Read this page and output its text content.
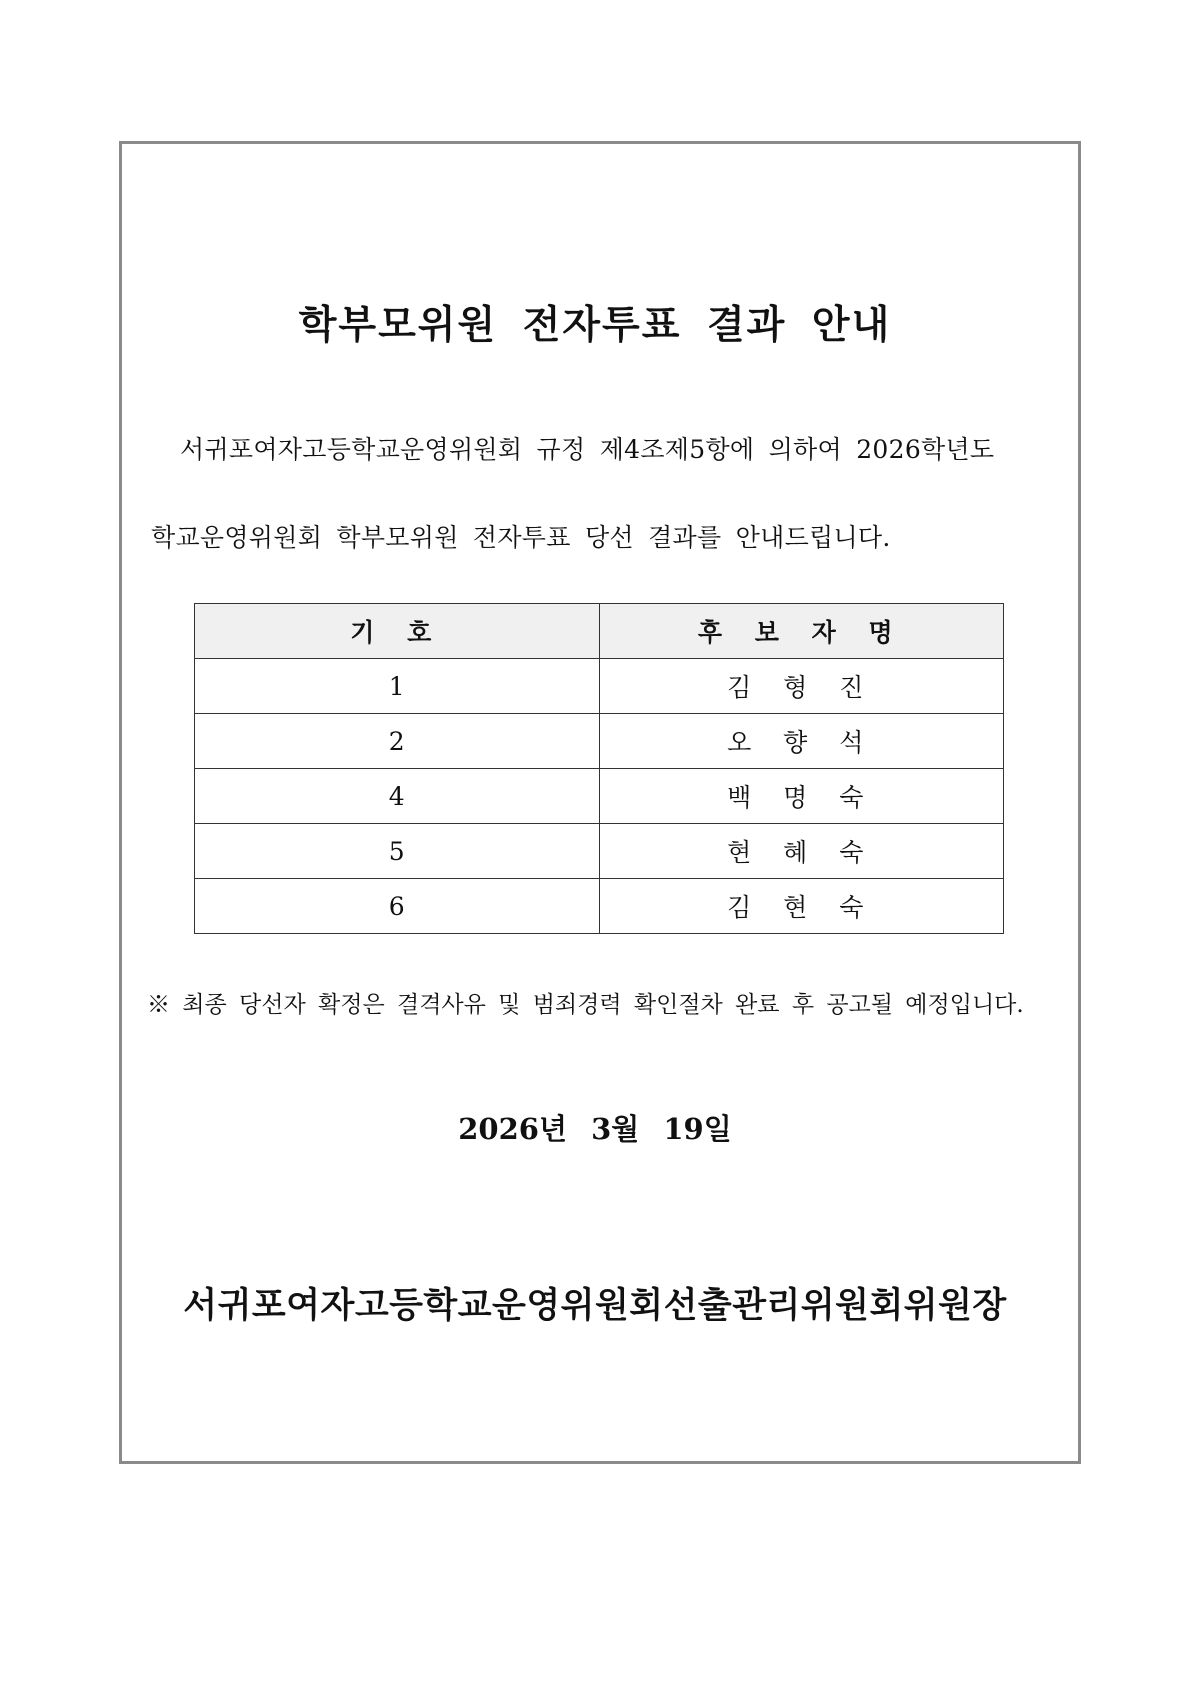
학부모위원 전자투표 결과 안내

서귀포여자고등학교운영위원회 규정 제4조제5항에 의하여 2026학년도

학교운영위원회 학부모위원 전자투표 당선 결과를 안내드립니다.

기 호	후 보 자 명
1	김 형 진
2	오 향 석
4	백 명 숙
5	현 혜 숙
6	김 현 숙

※ 최종 당선자 확정은 결격사유 및 범죄경력 확인절차 완료 후 공고될 예정입니다.

2026년 3월 19일

서귀포여자고등학교운영위원회선출관리위원회위원장
